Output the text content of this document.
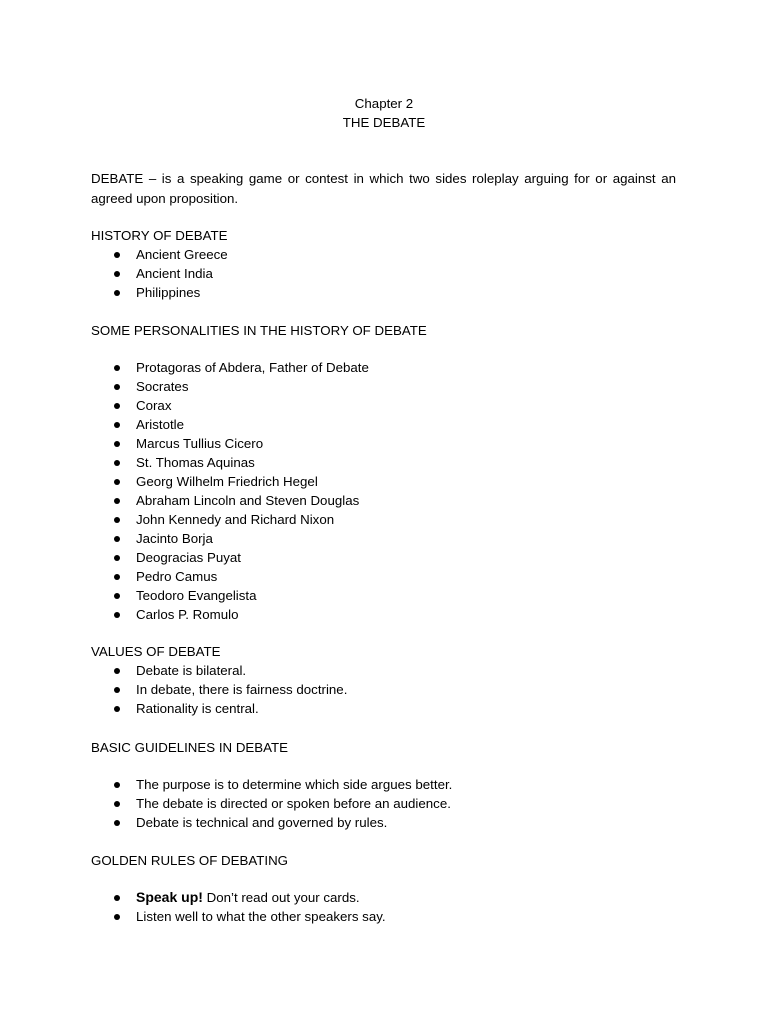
Chapter 2
THE DEBATE
DEBATE – is a speaking game or contest in which two sides roleplay arguing for or against an agreed upon proposition.
HISTORY OF DEBATE
Ancient Greece
Ancient India
Philippines
SOME PERSONALITIES IN THE HISTORY OF DEBATE
Protagoras of Abdera, Father of Debate
Socrates
Corax
Aristotle
Marcus Tullius Cicero
St. Thomas Aquinas
Georg Wilhelm Friedrich Hegel
Abraham Lincoln and Steven Douglas
John Kennedy and Richard Nixon
Jacinto Borja
Deogracias Puyat
Pedro Camus
Teodoro Evangelista
Carlos P. Romulo
VALUES OF DEBATE
Debate is bilateral.
In debate, there is fairness doctrine.
Rationality is central.
BASIC GUIDELINES IN DEBATE
The purpose is to determine which side argues better.
The debate is directed or spoken before an audience.
Debate is technical and governed by rules.
GOLDEN RULES OF DEBATING
Speak up! Don’t read out your cards.
Listen well to what the other speakers say.
